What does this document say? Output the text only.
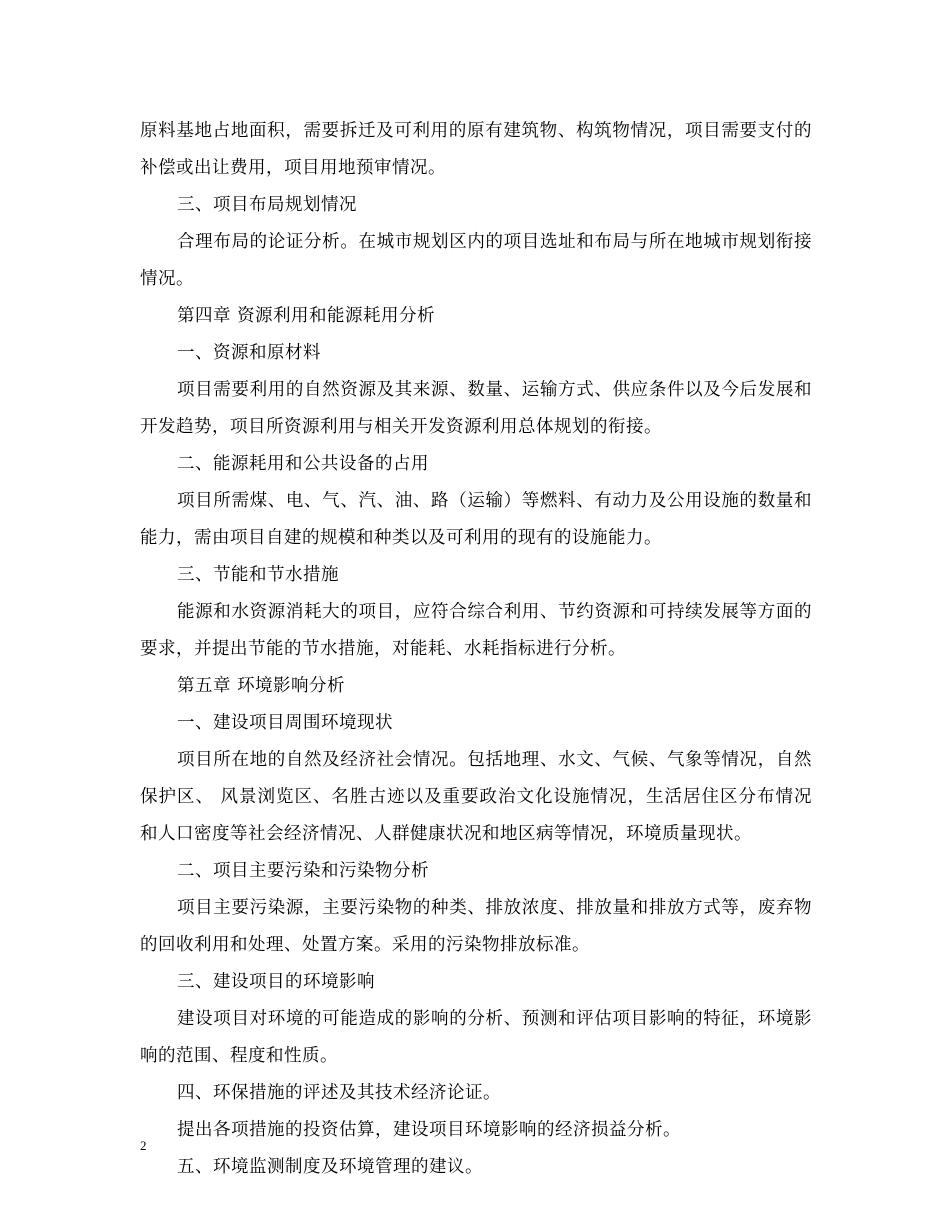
原料基地占地面积，需要拆迁及可利用的原有建筑物、构筑物情况，项目需要支付的补偿或出让费用，项目用地预审情况。

三、项目布局规划情况

合理布局的论证分析。在城市规划区内的项目选址和布局与所在地城市规划衔接情况。

第四章 资源利用和能源耗用分析

一、资源和原材料

项目需要利用的自然资源及其来源、数量、运输方式、供应条件以及今后发展和开发趋势，项目所资源利用与相关开发资源利用总体规划的衔接。

二、能源耗用和公共设备的占用

项目所需煤、电、气、汽、油、路（运输）等燃料、有动力及公用设施的数量和能力，需由项目自建的规模和种类以及可利用的现有的设施能力。

三、节能和节水措施

能源和水资源消耗大的项目，应符合综合利用、节约资源和可持续发展等方面的要求，并提出节能的节水措施，对能耗、水耗指标进行分析。

第五章 环境影响分析

一、建设项目周围环境现状

项目所在地的自然及经济社会情况。包括地理、水文、气候、气象等情况，自然保护区、 风景浏览区、名胜古迹以及重要政治文化设施情况，生活居住区分布情况和人口密度等社会经济情况、人群健康状况和地区病等情况，环境质量现状。

二、项目主要污染和污染物分析

项目主要污染源，主要污染物的种类、排放浓度、排放量和排放方式等，废弃物的回收利用和处理、处置方案。采用的污染物排放标准。

三、建设项目的环境影响

建设项目对环境的可能造成的影响的分析、预测和评估项目影响的特征，环境影响的范围、程度和性质。

四、环保措施的评述及其技术经济论证。

提出各项措施的投资估算，建设项目环境影响的经济损益分析。

五、环境监测制度及环境管理的建议。

2
